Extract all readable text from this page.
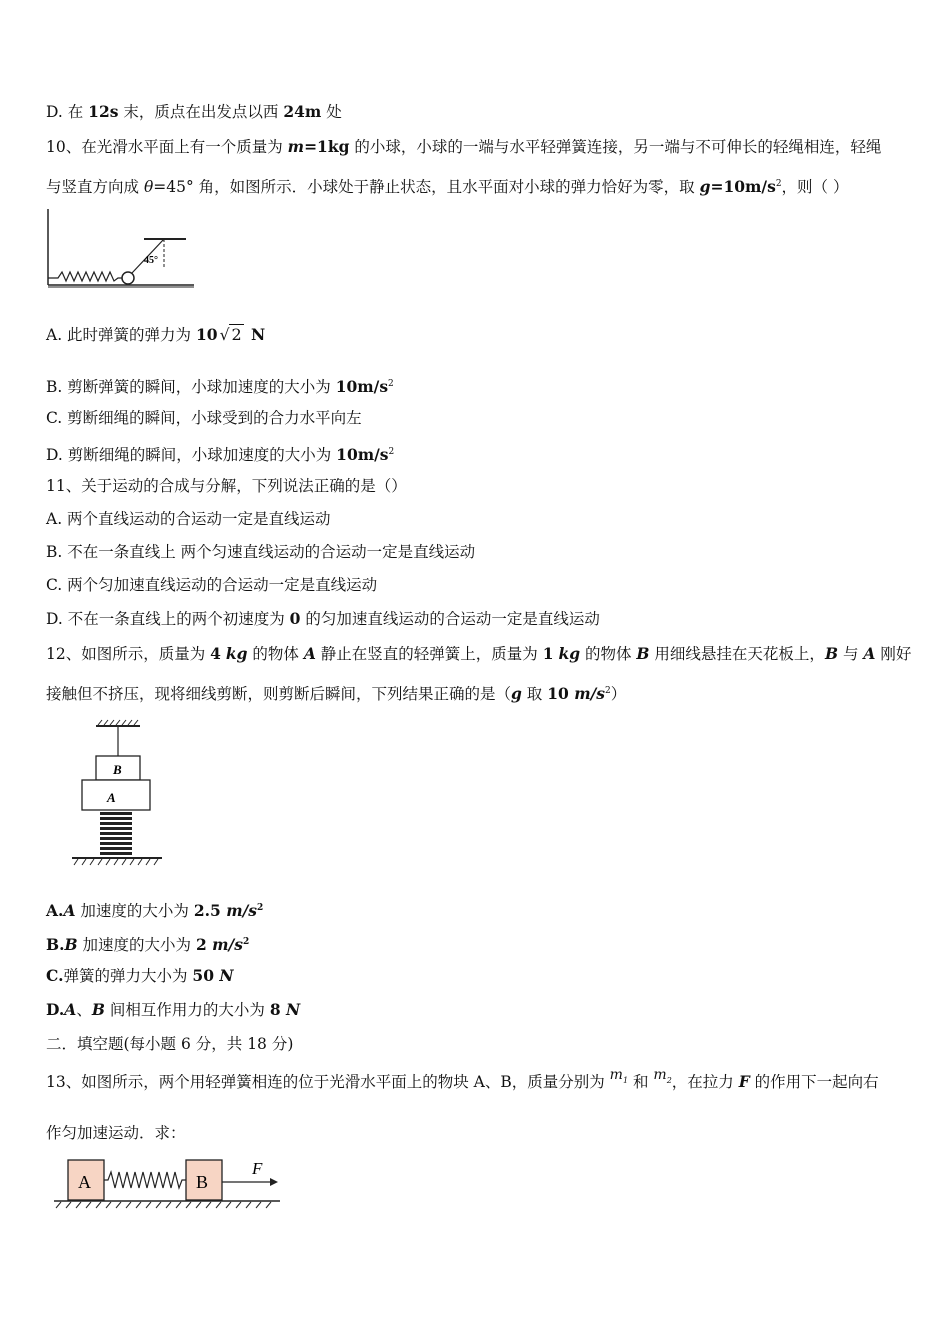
D. 在 12s 末，质点在出发点以西 24m 处
10、在光滑水平面上有一个质量为 m=1kg 的小球，小球的一端与水平轻弹簧连接，另一端与不可伸长的轻绳相连，轻绳
与竖直方向成 θ=45° 角，如图所示．小球处于静止状态，且水平面对小球的弹力恰好为零，取 $g=10m/s^2$，则（ ）
45°
A. 此时弹簧的弹力为 10 √ 2 N
B. 剪断弹簧的瞬间，小球加速度的大小为 $10m/s^2$
C. 剪断细绳的瞬间，小球受到的合力水平向左
D. 剪断细绳的瞬间，小球加速度的大小为 $10m/s^2$
11、关于运动的合成与分解，下列说法正确的是（）
A. 两个直线运动的合运动一定是直线运动
B. 不在一条直线上 两个匀速直线运动的合运动一定是直线运动
C. 两个匀加速直线运动的合运动一定是直线运动
D. 不在一条直线上的两个初速度为 0 的匀加速直线运动的合运动一定是直线运动
12、如图所示，质量为 4 kg 的物体 A 静止在竖直的轻弹簧上，质量为 1 kg 的物体 B 用细线悬挂在天花板上，B 与 A 刚好
接触但不挤压，现将细线剪断，则剪断后瞬间，下列结果正确的是（g 取 10 $m/s^2$）
B
A
A.A 加速度的大小为 2.5 $m/s^2$
B.B 加速度的大小为 2 $m/s^2$
C.弹簧的弹力大小为 50 N
D.A、B 间相互作用力的大小为 8 N
二．填空题(每小题 6 分，共 18 分)
13、如图所示，两个用轻弹簧相连的位于光滑水平面上的物块 A、B，质量分别为 $m_1$ 和 $m_2$，在拉力 F 的作用下一起向右
作匀加速运动．求：
A	B
F
